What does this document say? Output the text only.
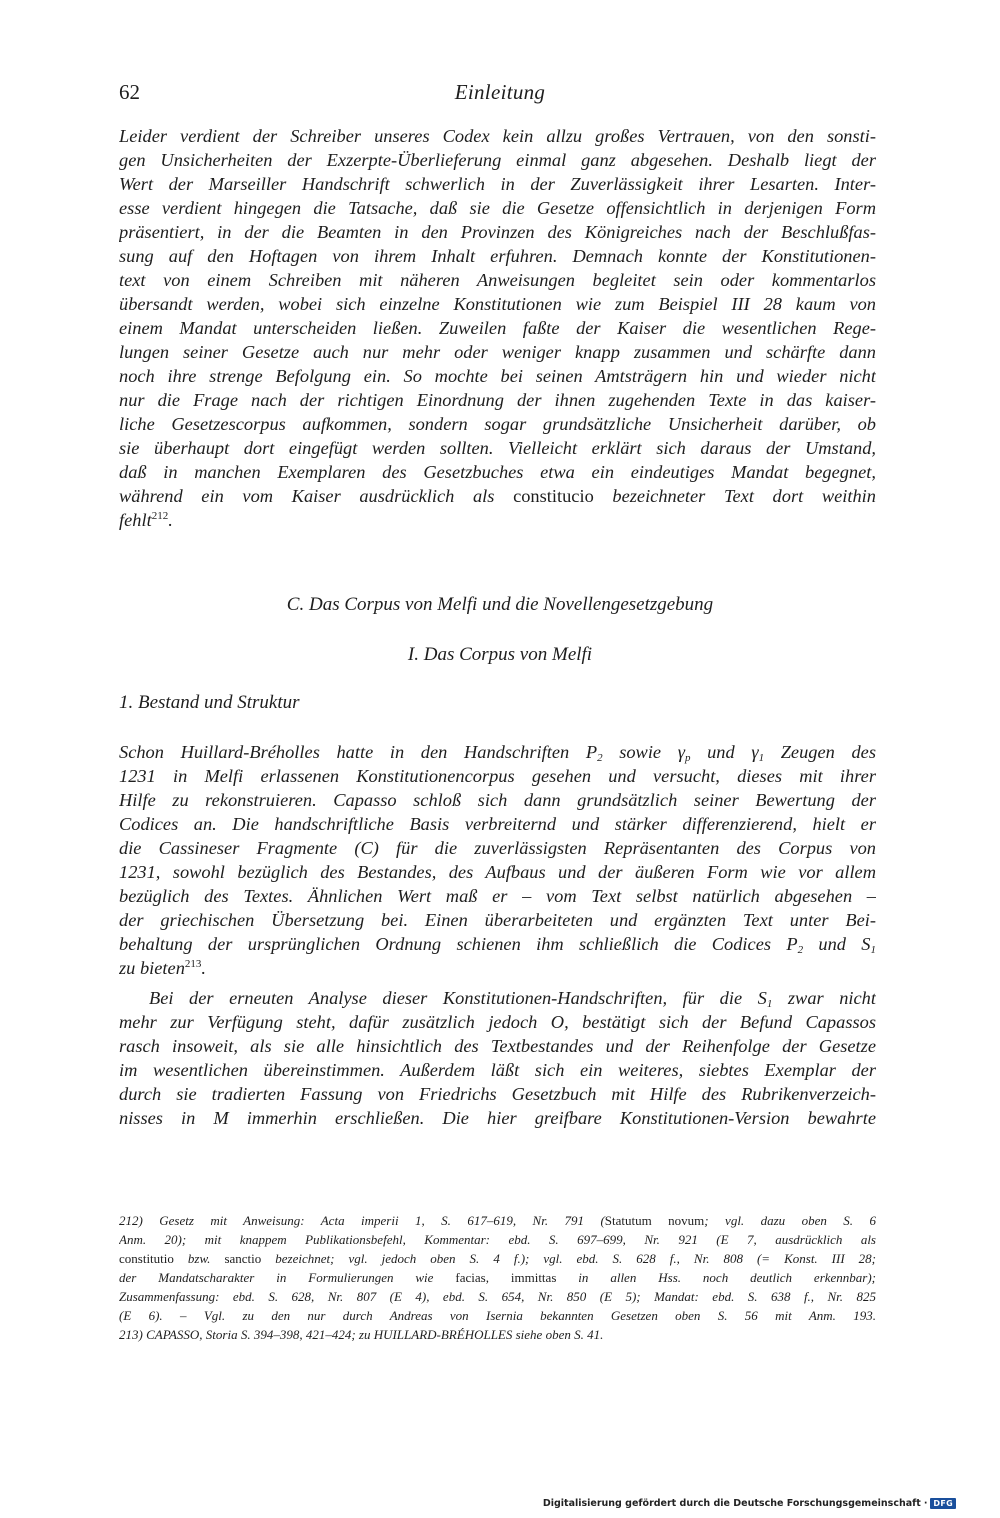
62	Einleitung
Leider verdient der Schreiber unseres Codex kein allzu großes Vertrauen, von den sonsti-
gen Unsicherheiten der Exzerpte-Überlieferung einmal ganz abgesehen. Deshalb liegt der
Wert der Marseiller Handschrift schwerlich in der Zuverlässigkeit ihrer Lesarten. Inter-
esse verdient hingegen die Tatsache, daß sie die Gesetze offensichtlich in derjenigen Form
präsentiert, in der die Beamten in den Provinzen des Königreiches nach der Beschlußfas-
sung auf den Hoftagen von ihrem Inhalt erfuhren. Demnach konnte der Konstitutionen-
text von einem Schreiben mit näheren Anweisungen begleitet sein oder kommentarlos
übersandt werden, wobei sich einzelne Konstitutionen wie zum Beispiel III 28 kaum von
einem Mandat unterscheiden ließen. Zuweilen faßte der Kaiser die wesentlichen Rege-
lungen seiner Gesetze auch nur mehr oder weniger knapp zusammen und schärfte dann
noch ihre strenge Befolgung ein. So mochte bei seinen Amtsträgern hin und wieder nicht
nur die Frage nach der richtigen Einordnung der ihnen zugehenden Texte in das kaiser-
liche Gesetzescorpus aufkommen, sondern sogar grundsätzliche Unsicherheit darüber, ob
sie überhaupt dort eingefügt werden sollten. Vielleicht erklärt sich daraus der Umstand,
daß in manchen Exemplaren des Gesetzbuches etwa ein eindeutiges Mandat begegnet,
während ein vom Kaiser ausdrücklich als constitucio bezeichneter Text dort weithin
fehlt$^{212}$.
C. Das Corpus von Melfi und die Novellengesetzgebung
I. Das Corpus von Melfi
1. Bestand und Struktur
Schon Huillard-Bréholles hatte in den Handschriften $P_2$ sowie $\gamma_p$ und $\gamma_1$ Zeugen des
1231 in Melfi erlassenen Konstitutionencorpus gesehen und versucht, dieses mit ihrer
Hilfe zu rekonstruieren. Capasso schloß sich dann grundsätzlich seiner Bewertung der
Codices an. Die handschriftliche Basis verbreiternd und stärker differenzierend, hielt er
die Cassineser Fragmente (C) für die zuverlässigsten Repräsentanten des Corpus von
1231, sowohl bezüglich des Bestandes, des Aufbaus und der äußeren Form wie vor allem
bezüglich des Textes. Ähnlichen Wert maß er – vom Text selbst natürlich abgesehen –
der griechischen Übersetzung bei. Einen überarbeiteten und ergänzten Text unter Bei-
behaltung der ursprünglichen Ordnung schienen ihm schließlich die Codices $P_2$ und $S_1$
zu bieten$^{213}$.
Bei der erneuten Analyse dieser Konstitutionen-Handschriften, für die $S_1$ zwar nicht
mehr zur Verfügung steht, dafür zusätzlich jedoch O, bestätigt sich der Befund Capassos
rasch insoweit, als sie alle hinsichtlich des Textbestandes und der Reihenfolge der Gesetze
im wesentlichen übereinstimmen. Außerdem läßt sich ein weiteres, siebtes Exemplar der
durch sie tradierten Fassung von Friedrichs Gesetzbuch mit Hilfe des Rubrikenverzeich-
nisses in M immerhin erschließen. Die hier greifbare Konstitutionen-Version bewahrte
212) Gesetz mit Anweisung: Acta imperii 1, S. 617–619, Nr. 791 (Statutum novum; vgl. dazu oben S. 6
Anm. 20); mit knappem Publikationsbefehl, Kommentar: ebd. S. 697–699, Nr. 921 (E 7, ausdrücklich als
constitutio bzw. sanctio bezeichnet; vgl. jedoch oben S. 4 f.); vgl. ebd. S. 628 f., Nr. 808 (= Konst. III 28;
der Mandatscharakter in Formulierungen wie facias, immittas in allen Hss. noch deutlich erkennbar);
Zusammenfassung: ebd. S. 628, Nr. 807 (E 4), ebd. S. 654, Nr. 850 (E 5); Mandat: ebd. S. 638 f., Nr. 825
(E 6). – Vgl. zu den nur durch Andreas von Isernia bekannten Gesetzen oben S. 56 mit Anm. 193.
213) CAPASSO, Storia S. 394–398, 421–424; zu HUILLARD-BRÉHOLLES siehe oben S. 41.
Digitalisierung gefördert durch die Deutsche Forschungsgemeinschaft · DFG
